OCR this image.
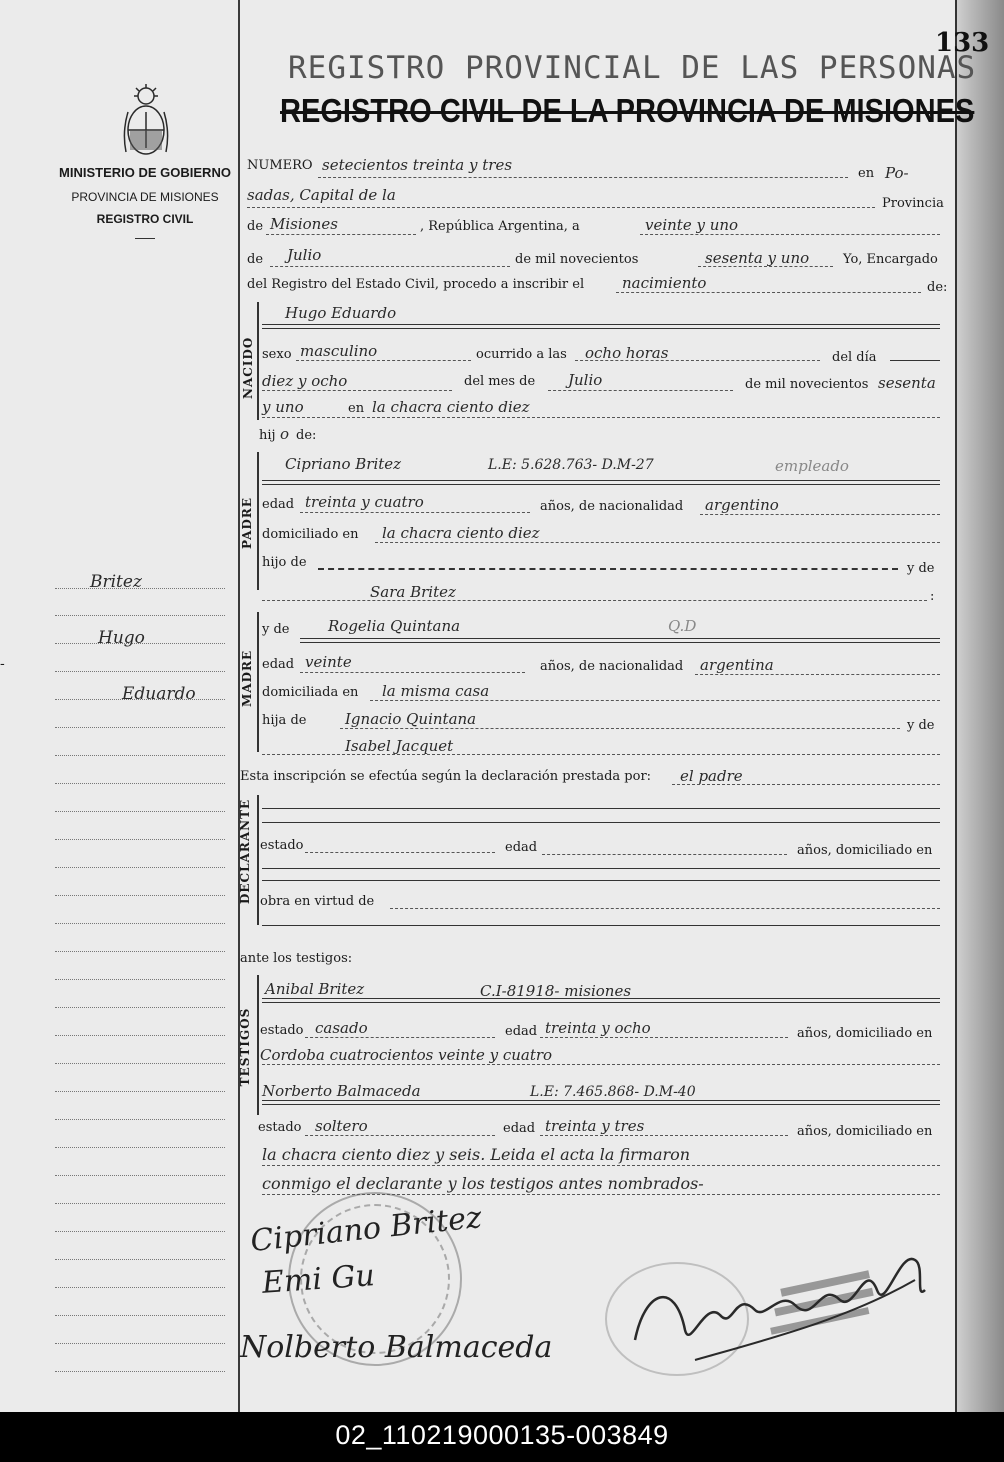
REGISTRO PROVINCIAL DE LAS PERSONAS
REGISTRO CIVIL DE LA PROVINCIA DE MISIONES
133
MINISTERIO DE GOBIERNO
PROVINCIA DE MISIONES
REGISTRO CIVIL
Britez
Hugo
Eduardo
NUMERO setecientos treinta y tres	en Po-
sadas, Capital de la	Provincia
de Misiones	, República Argentina, a	veinte y uno
de Julio	de mil novecientos	sesenta y uno	Yo, Encargado
del Registro del Estado Civil, procedo a inscribir el	nacimiento	de:
NACIDO
Hugo Eduardo
sexo masculino	ocurrido a las ocho horas	del día
diez y ocho	del mes de Julio	de mil novecientos sesenta
y uno	en la chacra ciento diez
hij o de:
PADRE
Cipriano Britez	L.E: 5.628.763- D.M-27	empleado
edad treinta y cuatro	años, de nacionalidad argentino
domiciliado en la chacra ciento diez
hijo de	y de
Sara Britez	:
MADRE
y de	Rogelia Quintana	Q.D
edad veinte	años, de nacionalidad argentina
domiciliada en la misma casa
hija de	Ignacio Quintana	y de
Isabel Jacquet
Esta inscripción se efectúa según la declaración prestada por: el padre
DECLARANTE estado	edad	años, domiciliado en
obra en virtud de
ante los testigos:
TESTIGOS
Anibal Britez	C.I-81918- misiones
estado casado	edad treinta y ocho	años, domiciliado en
Cordoba cuatrocientos veinte y cuatro
Norberto Balmaceda	L.E: 7.465.868- D.M-40
estado soltero	edad treinta y tres	años, domiciliado en
la chacra ciento diez y seis. Leida el acta la firmaron
conmigo el declarante y los testigos antes nombrados-
Cipriano Britez
Emi Gu
Nolberto Balmaceda
-
02_110219000135-003849
